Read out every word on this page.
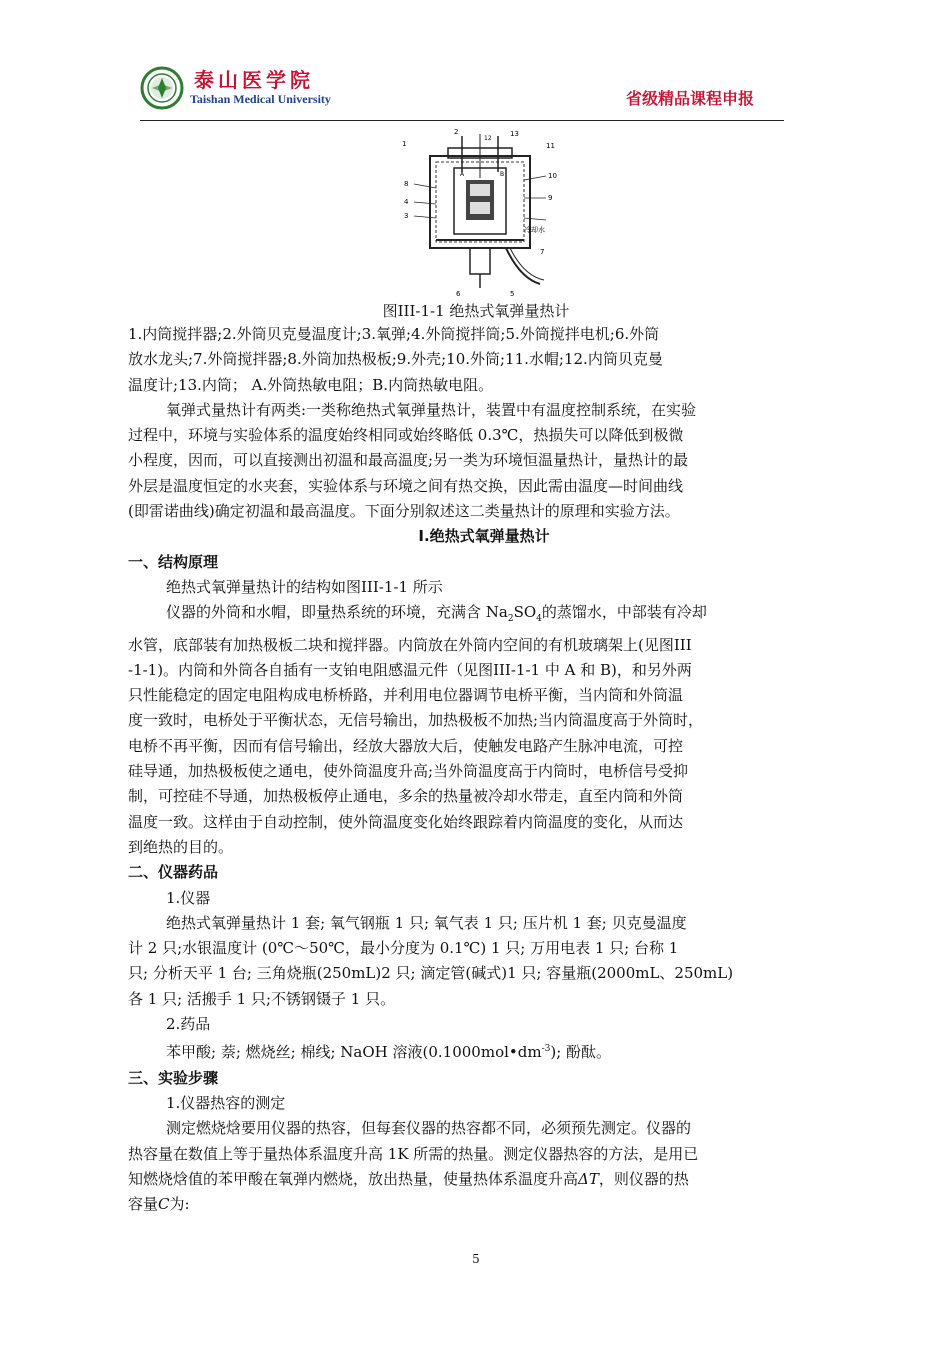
泰山医学院
Taishan Medical University	省级精品课程申报
1
2	13
11
8
4
3
10
9
7
5
6
A	B
12
冷却水
图III-1-1 绝热式氧弹量热计
1.内筒搅拌器;2.外筒贝克曼温度计;3.氧弹;4.外筒搅拌筒;5.外筒搅拌电机;6.外筒
放水龙头;7.外筒搅拌器;8.外筒加热极板;9.外壳;10.外筒;11.水帽;12.内筒贝克曼
温度计;13.内筒； A.外筒热敏电阻；B.内筒热敏电阻。
氧弹式量热计有两类:一类称绝热式氧弹量热计，装置中有温度控制系统，在实验
过程中，环境与实验体系的温度始终相同或始终略低 0.3℃，热损失可以降低到极微
小程度，因而，可以直接测出初温和最高温度;另一类为环境恒温量热计，量热计的最
外层是温度恒定的水夹套，实验体系与环境之间有热交换，因此需由温度—时间曲线
(即雷诺曲线)确定初温和最高温度。下面分别叙述这二类量热计的原理和实验方法。
Ⅰ.绝热式氧弹量热计
一、结构原理
绝热式氧弹量热计的结构如图III-1-1 所示
仪器的外筒和水帽，即量热系统的环境，充满含 $Na_2SO_4$的蒸馏水，中部装有冷却
水管，底部装有加热极板二块和搅拌器。内筒放在外筒内空间的有机玻璃架上(见图III
-1-1)。内筒和外筒各自插有一支铂电阻感温元件（见图III-1-1 中 A 和 B)，和另外两
只性能稳定的固定电阻构成电桥桥路，并利用电位器调节电桥平衡，当内筒和外筒温
度一致时，电桥处于平衡状态，无信号输出，加热极板不加热;当内筒温度高于外筒时，
电桥不再平衡，因而有信号输出，经放大器放大后，使触发电路产生脉冲电流，可控
硅导通，加热极板使之通电，使外筒温度升高;当外筒温度高于内筒时，电桥信号受抑
制，可控硅不导通，加热极板停止通电，多余的热量被冷却水带走，直至内筒和外筒
温度一致。这样由于自动控制，使外筒温度变化始终跟踪着内筒温度的变化，从而达
到绝热的目的。
二、仪器药品
1.仪器
绝热式氧弹量热计 1 套; 氧气钢瓶 1 只; 氧气表 1 只; 压片机 1 套; 贝克曼温度
计 2 只;水银温度计 (0℃～50℃，最小分度为 0.1℃) 1 只; 万用电表 1 只; 台称 1
只; 分析天平 1 台; 三角烧瓶(250mL)2 只; 滴定管(碱式)1 只; 容量瓶(2000mL、250mL)
各 1 只; 活搬手 1 只;不锈钢镊子 1 只。
2.药品
苯甲酸; 萘; 燃烧丝; 棉线; NaOH 溶液$(0.1000mol•dm^{-3})$; 酚酞。
三、实验步骤
1.仪器热容的测定
测定燃烧焓要用仪器的热容，但每套仪器的热容都不同，必须预先测定。仪器的
热容量在数值上等于量热体系温度升高 1K 所需的热量。测定仪器热容的方法，是用已
知燃烧焓值的苯甲酸在氧弹内燃烧，放出热量，使量热体系温度升高ΔT，则仪器的热
容量C为:
5
